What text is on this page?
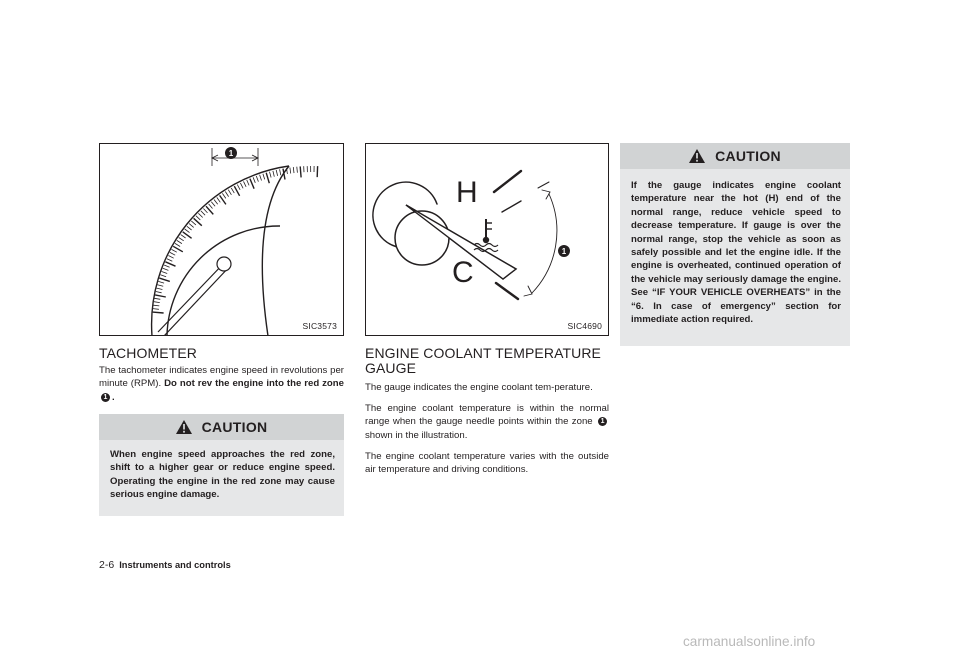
1
SIC3573
H
C
1
SIC4690
TACHOMETER
The tachometer indicates engine speed in revolutions per minute (RPM). Do not rev the engine into the red zone1 .
CAUTION
When engine speed approaches the red zone, shift to a higher gear or reduce engine speed. Operating the engine in the red zone may cause serious engine damage.
ENGINE COOLANT TEMPERATURE
GAUGE

The gauge indicates the engine coolant tem-perature.

The engine coolant temperature is within the normal range when the gauge needle points within the zone 1 shown in the illustration.

The engine coolant temperature varies with the outside air temperature and driving conditions.

CAUTION
If the gauge indicates engine coolant temperature near the hot (H) end of the normal range, reduce vehicle speed to decrease temperature. If gauge is over the normal range, stop the vehicle as soon as safely possible and let the engine idle. If the engine is overheated, continued operation of the vehicle may seriously damage the engine. See “IF YOUR VEHICLE OVERHEATS” in the “6. In case of emergency” section for immediate action required.
2-6 Instruments and controls
carmanualsonline.info
